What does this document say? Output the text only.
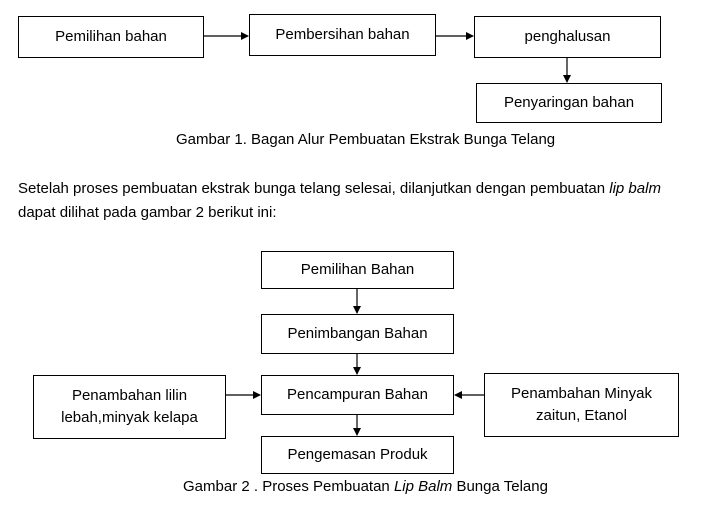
Pemilihan bahan	Pembersihan bahan	penghalusan
Penyaringan bahan
Gambar 1. Bagan Alur Pembuatan Ekstrak Bunga Telang
Setelah proses pembuatan ekstrak bunga telang selesai, dilanjutkan dengan pembuatan lip balm
dapat dilihat pada gambar 2 berikut ini:
Pemilihan Bahan
Penimbangan Bahan
Pencampuran Bahan
Penambahan lilin
lebah,minyak kelapa
Penambahan Minyak
zaitun, Etanol
Pengemasan Produk
Gambar 2 . Proses Pembuatan Lip Balm Bunga Telang
